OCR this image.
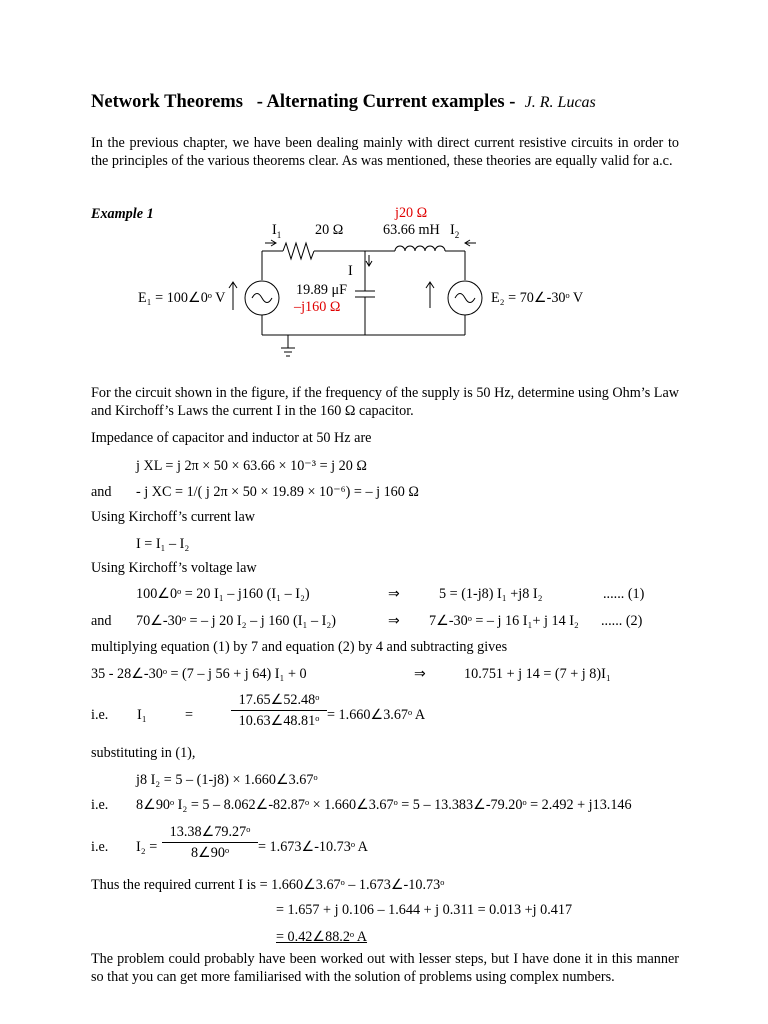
Network Theorems - Alternating Current examples - J. R. Lucas
In the previous chapter, we have been dealing mainly with direct current resistive circuits in order to the principles of the various theorems clear. As was mentioned, these theories are equally valid for a.c.
Example 1
$I_1$ 20 Ω
j20 Ω
63.66 mH $I_2$
I
19.89 μF
–j160 Ω
E₁ = 100∠0ᵒ V	E₂ = 70∠-30ᵒ V
For the circuit shown in the figure, if the frequency of the supply is 50 Hz, determine using Ohm’s Law and Kirchoff’s Laws the current I in the 160 Ω capacitor.
Impedance of capacitor and inductor at 50 Hz are
j XL = j 2π × 50 × 63.66 × 10⁻³ = j 20 Ω
and - j XC = 1/( j 2π × 50 × 19.89 × 10⁻⁶) = – j 160 Ω
Using Kirchoff’s current law
I = I₁ – I₂
Using Kirchoff’s voltage law
100∠0ᵒ = 20 I₁ – j160 (I₁ – I₂)	⇒	5 = (1-j8) I₁ +j8 I₂	...... (1)
and 70∠-30ᵒ = – j 20 I₂ – j 160 (I₁ – I₂)	⇒ 7∠-30ᵒ = – j 16 I₁+ j 14 I₂ ...... (2)
multiplying equation (1) by 7 and equation (2) by 4 and subtracting gives
35 - 28∠-30ᵒ = (7 – j 56 + j 64) I₁ + 0	⇒	10.751 + j 14 = (7 + j 8)I₁
i.e. I₁	=
17.65∠52.48ᵒ
10.63∠48.81ᵒ = 1.660∠3.67ᵒ A
substituting in (1),
j8 I₂ = 5 – (1-j8) × 1.660∠3.67ᵒ
i.e. 8∠90ᵒ I₂ = 5 – 8.062∠-82.87ᵒ × 1.660∠3.67ᵒ = 5 – 13.383∠-79.20ᵒ = 2.492 + j13.146
i.e. I₂ =
13.38∠79.27ᵒ
8∠90ᵒ	= 1.673∠-10.73ᵒ A
Thus the required current I is = 1.660∠3.67ᵒ – 1.673∠-10.73ᵒ
= 1.657 + j 0.106 – 1.644 + j 0.311 = 0.013 +j 0.417
= 0.42∠88.2ᵒ A
The problem could probably have been worked out with lesser steps, but I have done it in this manner so that you can get more familiarised with the solution of problems using complex numbers.
